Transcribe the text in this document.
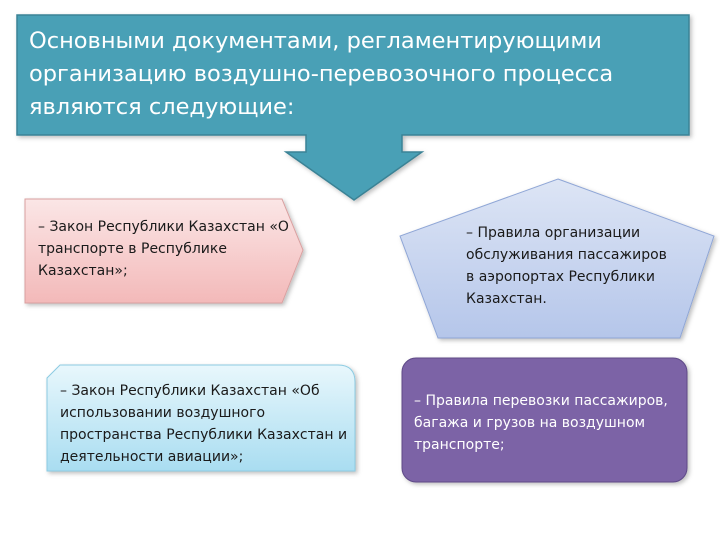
Основными документами, регламентирующими организацию воздушно-перевозочного процесса являются следующие:

– Закон Республики Казахстан «О транспорте в Республике Казахстан»;

– Правила организации обслуживания пассажиров в аэропортах Республики Казахстан.

– Закон Республики Казахстан «Об использовании воздушного пространства Республики Казахстан и деятельности авиации»;

– Правила перевозки пассажиров, багажа и грузов на воздушном транспорте;
